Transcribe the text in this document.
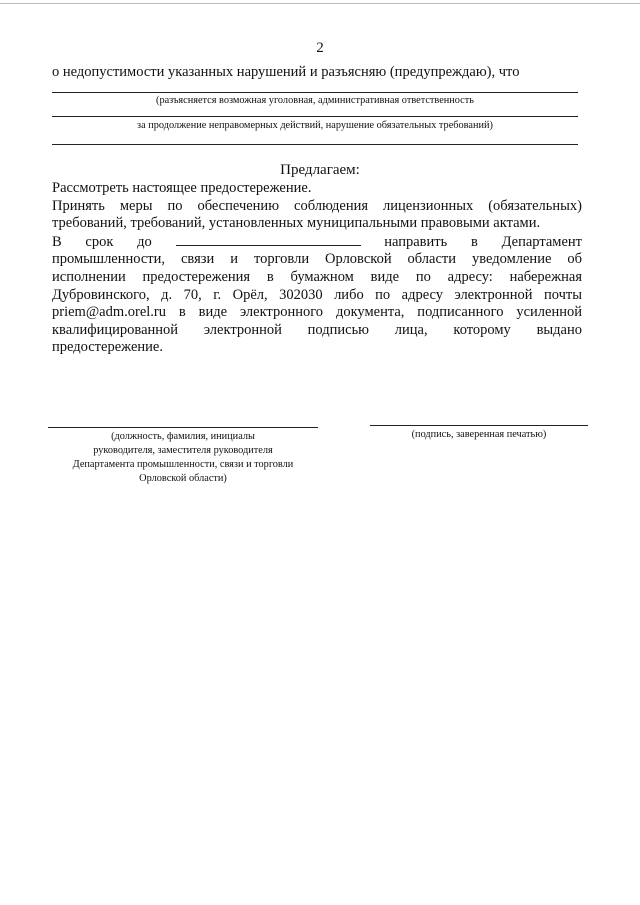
2
о недопустимости указанных нарушений и разъясняю (предупреждаю), что
(разъясняется возможная уголовная, административная ответственность
за продолжение неправомерных действий, нарушение обязательных требований)
Предлагаем:
Рассмотреть настоящее предостережение.
Принять меры по обеспечению соблюдения лицензионных (обязательных)
требований, требований, установленных муниципальными правовыми актами.
В срок до	направить в Департамент
промышленности, связи и торговли Орловской области уведомление об
исполнении предостережения в бумажном виде по адресу: набережная
Дубровинского, д. 70, г. Орёл, 302030 либо по адресу электронной почты
priem@adm.orel.ru в виде электронного документа, подписанного усиленной
квалифицированной электронной подписью лица, которому выдано
предостережение.
(должность, фамилия, инициалы
руководителя, заместителя руководителя
Департамента промышленности, связи и торговли
Орловской области)
(подпись, заверенная печатью)
